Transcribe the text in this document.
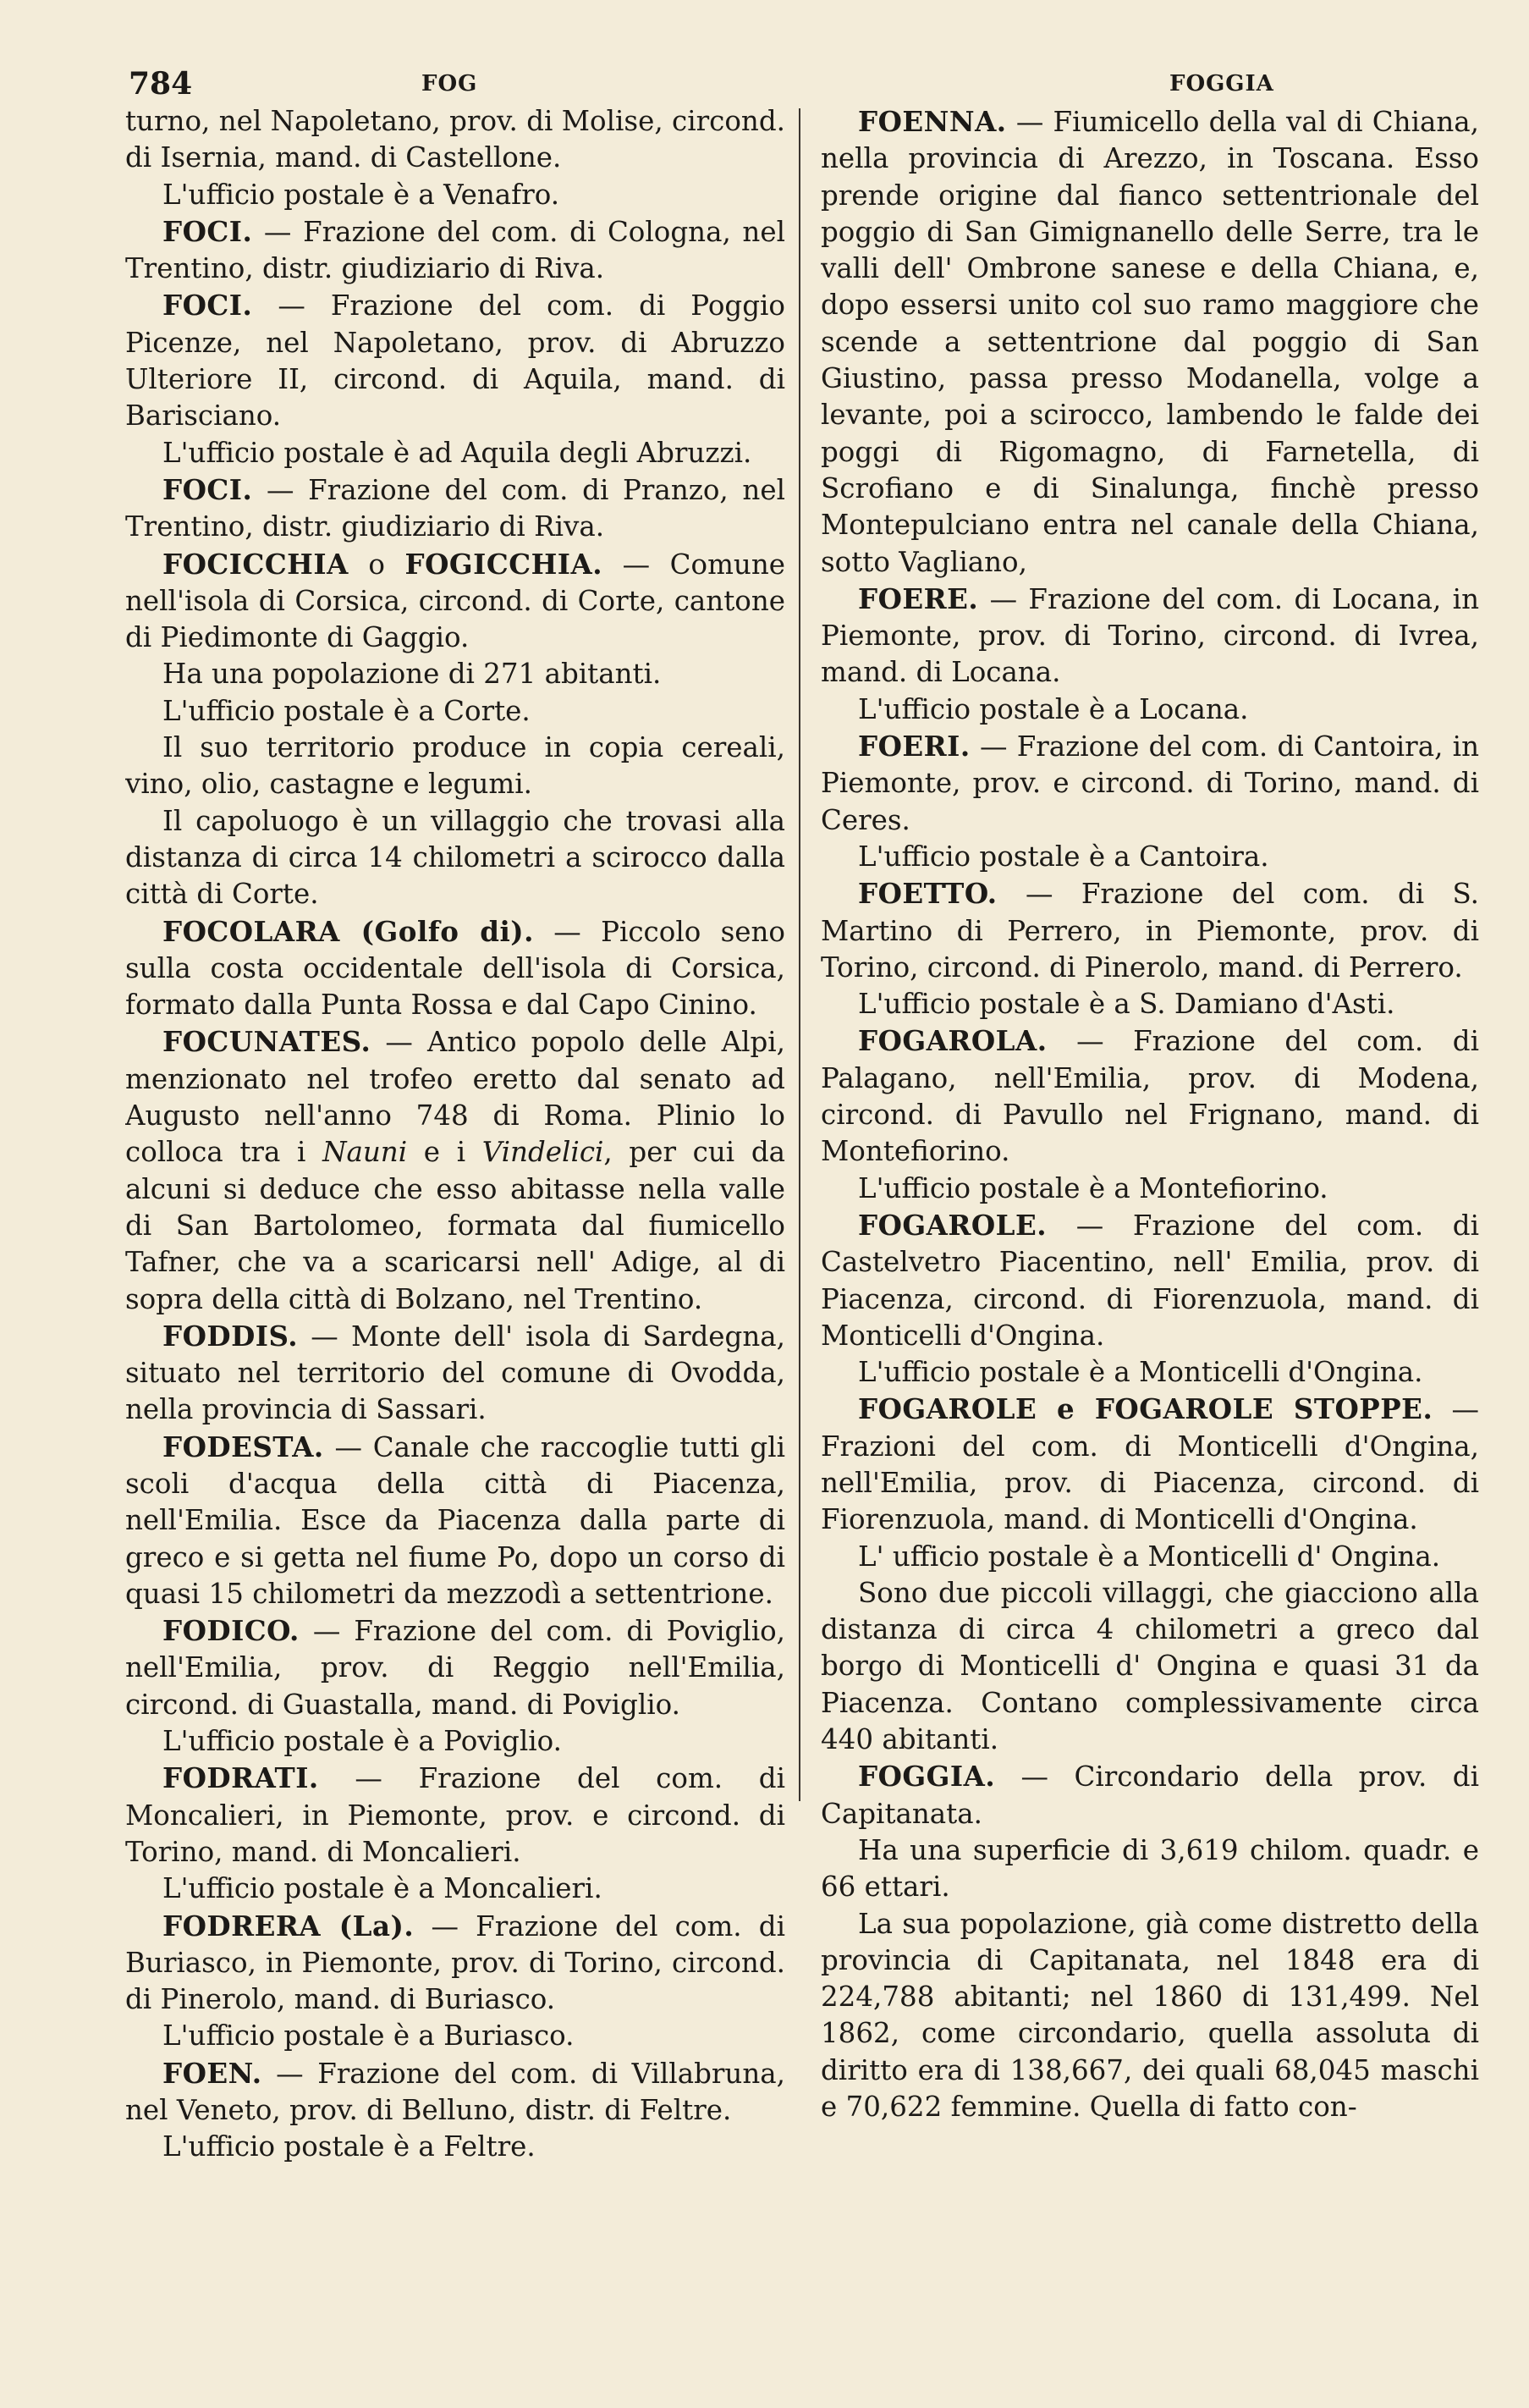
784	FOG	FOGGIA

turno, nel Napoletano, prov. di Molise, circond. di Isernia, mand. di Castellone.

L'ufficio postale è a Venafro.

FOCI. — Frazione del com. di Cologna, nel Trentino, distr. giudiziario di Riva.

FOCI. — Frazione del com. di Poggio Picenze, nel Napoletano, prov. di Abruzzo Ulteriore II, circond. di Aquila, mand. di Barisciano.

L'ufficio postale è ad Aquila degli Abruzzi.

FOCI. — Frazione del com. di Pranzo, nel Trentino, distr. giudiziario di Riva.

FOCICCHIA o FOGICCHIA. — Comune nell'isola di Corsica, circond. di Corte, cantone di Piedimonte di Gaggio.

Ha una popolazione di 271 abitanti.

L'ufficio postale è a Corte.

Il suo territorio produce in copia cereali, vino, olio, castagne e legumi.

Il capoluogo è un villaggio che trovasi alla distanza di circa 14 chilometri a scirocco dalla città di Corte.

FOCOLARA (Golfo di). — Piccolo seno sulla costa occidentale dell'isola di Corsica, formato dalla Punta Rossa e dal Capo Cinino.

FOCUNATES. — Antico popolo delle Alpi, menzionato nel trofeo eretto dal senato ad Augusto nell'anno 748 di Roma. Plinio lo colloca tra i Nauni e i Vindelici, per cui da alcuni si deduce che esso abitasse nella valle di San Bartolomeo, formata dal fiumicello Tafner, che va a scaricarsi nell' Adige, al di sopra della città di Bolzano, nel Trentino.

FODDIS. — Monte dell' isola di Sardegna, situato nel territorio del comune di Ovodda, nella provincia di Sassari.

FODESTA. — Canale che raccoglie tutti gli scoli d'acqua della città di Piacenza, nell'Emilia. Esce da Piacenza dalla parte di greco e si getta nel fiume Po, dopo un corso di quasi 15 chilometri da mezzodì a settentrione.

FODICO. — Frazione del com. di Poviglio, nell'Emilia, prov. di Reggio nell'Emilia, circond. di Guastalla, mand. di Poviglio.

L'ufficio postale è a Poviglio.

FODRATI. — Frazione del com. di Moncalieri, in Piemonte, prov. e circond. di Torino, mand. di Moncalieri.

L'ufficio postale è a Moncalieri.

FODRERA (La). — Frazione del com. di Buriasco, in Piemonte, prov. di Torino, circond. di Pinerolo, mand. di Buriasco.

L'ufficio postale è a Buriasco.

FOEN. — Frazione del com. di Villabruna, nel Veneto, prov. di Belluno, distr. di Feltre.

L'ufficio postale è a Feltre.

FOENNA. — Fiumicello della val di Chiana, nella provincia di Arezzo, in Toscana. Esso prende origine dal fianco settentrionale del poggio di San Gimignanello delle Serre, tra le valli dell' Ombrone sanese e della Chiana, e, dopo essersi unito col suo ramo maggiore che scende a settentrione dal poggio di San Giustino, passa presso Modanella, volge a levante, poi a scirocco, lambendo le falde dei poggi di Rigomagno, di Farnetella, di Scrofiano e di Sinalunga, finchè presso Montepulciano entra nel canale della Chiana, sotto Vagliano,

FOERE. — Frazione del com. di Locana, in Piemonte, prov. di Torino, circond. di Ivrea, mand. di Locana.

L'ufficio postale è a Locana.

FOERI. — Frazione del com. di Cantoira, in Piemonte, prov. e circond. di Torino, mand. di Ceres.

L'ufficio postale è a Cantoira.

FOETTO. — Frazione del com. di S. Martino di Perrero, in Piemonte, prov. di Torino, circond. di Pinerolo, mand. di Perrero.

L'ufficio postale è a S. Damiano d'Asti.

FOGAROLA. — Frazione del com. di Palagano, nell'Emilia, prov. di Modena, circond. di Pavullo nel Frignano, mand. di Montefiorino.

L'ufficio postale è a Montefiorino.

FOGAROLE. — Frazione del com. di Castelvetro Piacentino, nell' Emilia, prov. di Piacenza, circond. di Fiorenzuola, mand. di Monticelli d'Ongina.

L'ufficio postale è a Monticelli d'Ongina.

FOGAROLE e FOGAROLE STOPPE. — Frazioni del com. di Monticelli d'Ongina, nell'Emilia, prov. di Piacenza, circond. di Fiorenzuola, mand. di Monticelli d'Ongina.

L' ufficio postale è a Monticelli d' Ongina.

Sono due piccoli villaggi, che giacciono alla distanza di circa 4 chilometri a greco dal borgo di Monticelli d' Ongina e quasi 31 da Piacenza. Contano complessivamente circa 440 abitanti.

FOGGIA. — Circondario della prov. di Capitanata.

Ha una superficie di 3,619 chilom. quadr. e 66 ettari.

La sua popolazione, già come distretto della provincia di Capitanata, nel 1848 era di 224,788 abitanti; nel 1860 di 131,499. Nel 1862, come circondario, quella assoluta di diritto era di 138,667, dei quali 68,045 maschi e 70,622 femmine. Quella di fatto con-
